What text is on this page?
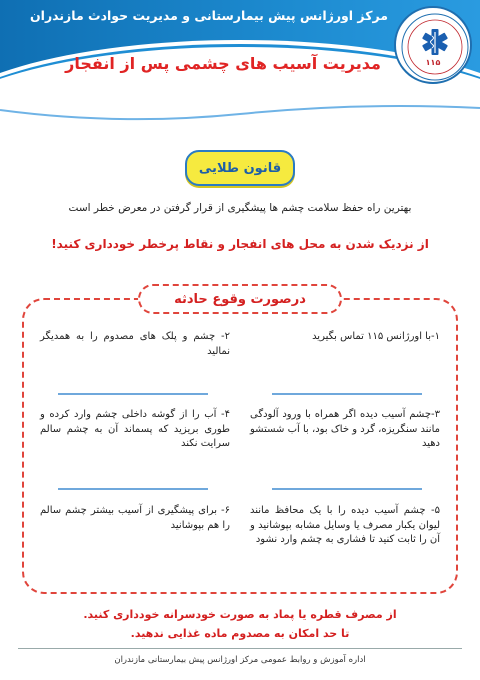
مرکز اورژانس پیش بیمارستانی و مدیریت حوادث مازندران
مدیریت آسیب های چشمی پس از انفجار	۱۱۵
قانون طلایی
بهترین راه حفظ سلامت چشم ها پیشگیری از قرار گرفتن در معرض خطر است
از نزدیک شدن به محل های انفجار و نقاط پرخطر خودداری کنید!
درصورت وقوع حادثه
۱-با اورژانس ۱۱۵ تماس بگیرید
۲- چشم و پلک های مصدوم را به همدیگر نمالید
۳-چشم آسیب دیده اگر همراه با ورود آلودگی مانند سنگریزه، گرد و خاک بود، با آب شستشو دهید
۴- آب را از گوشه داخلی چشم وارد کرده و طوری بریزید که پسماند آن به چشم سالم سرایت نکند
۵- چشم آسیب دیده را با یک محافظ مانند لیوان یکبار مصرف یا وسایل مشابه بپوشانید و آن را ثابت کنید تا فشاری به چشم وارد نشود
۶- برای پیشگیری از آسیب بیشتر چشم سالم را هم بپوشانید
از مصرف قطره یا پماد به صورت خودسرانه خودداری کنید.
تا حد امکان به مصدوم ماده غذایی ندهید.
اداره آموزش و روابط عمومی مرکز اورژانس پیش بیمارستانی مازندران
